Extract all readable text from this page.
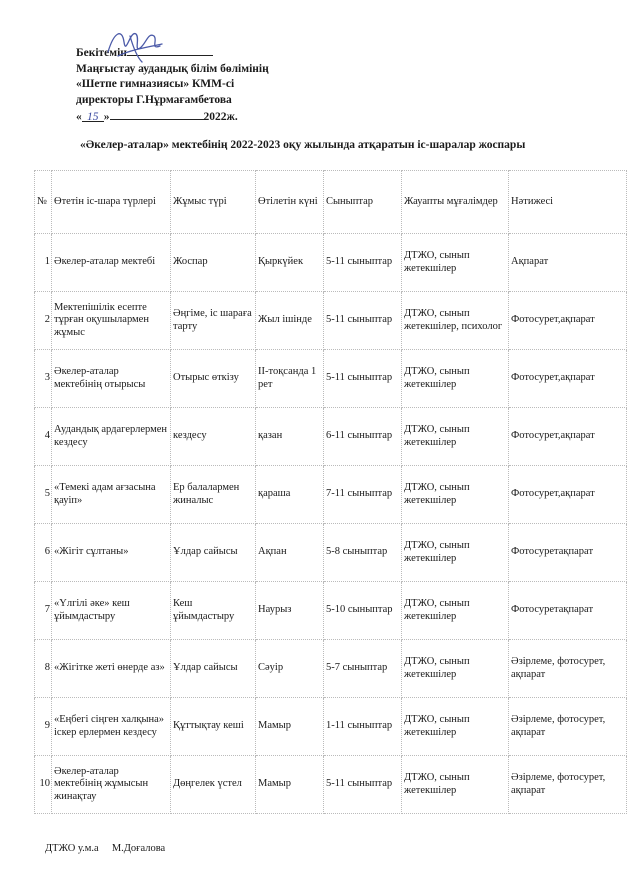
Бекітемін
Маңғыстау аудандық білім бөлімінің
«Шетпе гимназиясы» КММ-сі
директоры Г.Нұрмағамбетова
« 15 »	2022ж.
«Әкелер-аталар» мектебінің 2022-2023 оқу жылында атқаратын іс-шаралар жоспары
№	Өтетін іс-шара түрлері	Жұмыс түрі	Өтілетін күні	Сыныптар	Жауапты мұғалімдер	Нәтижесі
1	Әкелер-аталар мектебі	Жоспар	Қыркүйек	5-11 сыныптар	ДТЖО, сынып жетекшілер	Ақпарат
2	Мектепішілік есепте тұрған оқушылармен жұмыс	Әңгіме, іс шараға тарту	Жыл ішінде	5-11 сыныптар	ДТЖО, сынып жетекшілер, психолог	Фотосурет,ақпарат
3	Әкелер-аталар мектебінің отырысы	Отырыс өткізу	II-тоқсанда 1 рет	5-11 сыныптар	ДТЖО, сынып жетекшілер	Фотосурет,ақпарат
4	Аудандық ардагерлермен кездесу	кездесу	қазан	6-11 сыныптар	ДТЖО, сынып жетекшілер	Фотосурет,ақпарат
5	«Темекі адам ағзасына қауіп»	Ер балалармен жиналыс	қараша	7-11 сыныптар	ДТЖО, сынып жетекшілер	Фотосурет,ақпарат
6	«Жігіт сұлтаны»	Ұлдар сайысы	Ақпан	5-8 сыныптар	ДТЖО, сынып жетекшілер	Фотосуретақпарат
7	«Үлгілі әке» кеш ұйымдастыру	Кеш ұйымдастыру	Наурыз	5-10 сыныптар	ДТЖО, сынып жетекшілер	Фотосуретақпарат
8	«Жігітке жеті өнерде аз»	Ұлдар сайысы	Сәуір	5-7 сыныптар	ДТЖО, сынып жетекшілер	Әзірлеме, фотосурет, ақпарат
9	«Еңбегі сіңген халқына» іскер ерлермен кездесу	Құттықтау кеші	Мамыр	1-11 сыныптар	ДТЖО, сынып жетекшілер	Әзірлеме, фотосурет, ақпарат
10	Әкелер-аталар мектебінің жұмысын жинақтау	Дөңгелек үстел	Мамыр	5-11 сыныптар	ДТЖО, сынып жетекшілер	Әзірлеме, фотосурет, ақпарат
ДТЖО у.м.а М.Доғалова
